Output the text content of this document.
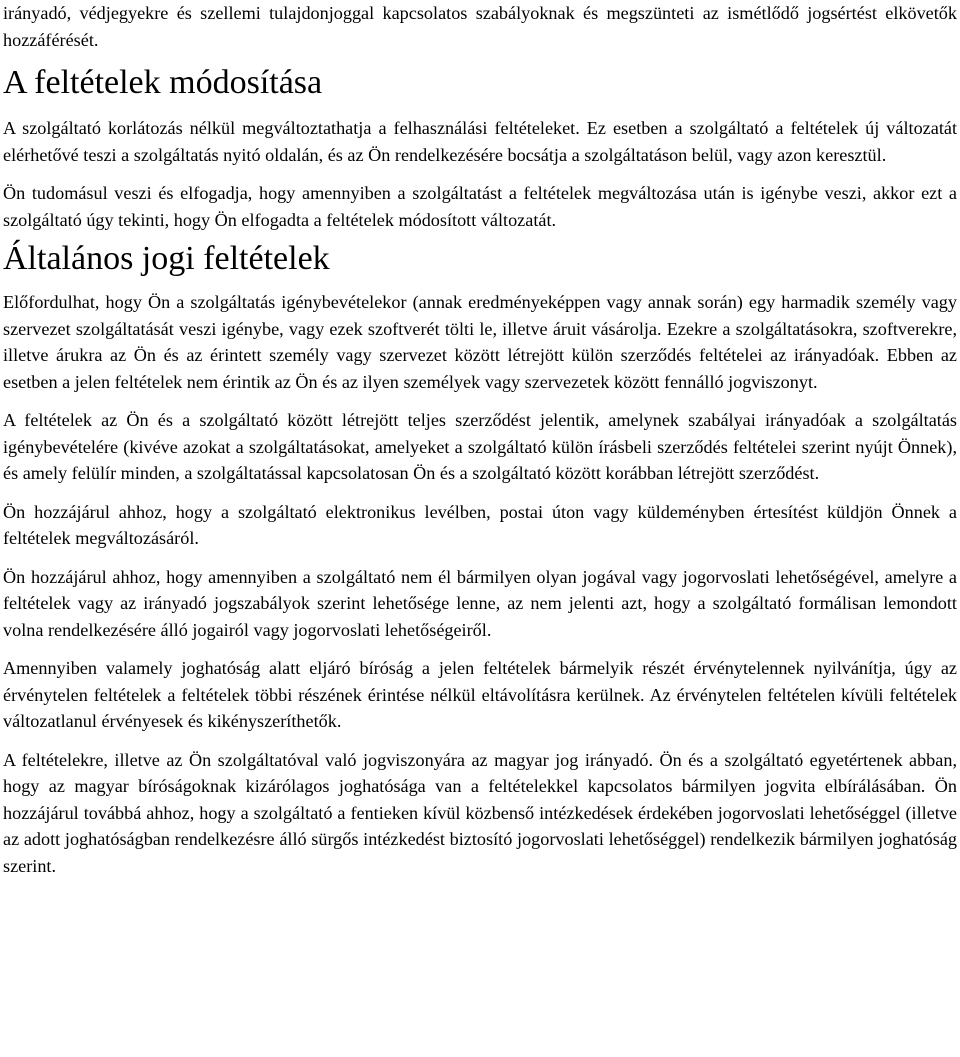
irányadó, védjegyekre és szellemi tulajdonjoggal kapcsolatos szabályoknak és megszünteti az ismétlődő jogsértést elkövetők hozzáférését.

A feltételek módosítása

A szolgáltató korlátozás nélkül megváltoztathatja a felhasználási feltételeket. Ez esetben a szolgáltató a feltételek új változatát elérhetővé teszi a szolgáltatás nyitó oldalán, és az Ön rendelkezésére bocsátja a szolgáltatáson belül, vagy azon keresztül.

Ön tudomásul veszi és elfogadja, hogy amennyiben a szolgáltatást a feltételek megváltozása után is igénybe veszi, akkor ezt a szolgáltató úgy tekinti, hogy Ön elfogadta a feltételek módosított változatát.

Általános jogi feltételek

Előfordulhat, hogy Ön a szolgáltatás igénybevételekor (annak eredményeképpen vagy annak során) egy harmadik személy vagy szervezet szolgáltatását veszi igénybe, vagy ezek szoftverét tölti le, illetve áruit vásárolja. Ezekre a szolgáltatásokra, szoftverekre, illetve árukra az Ön és az érintett személy vagy szervezet között létrejött külön szerződés feltételei az irányadóak. Ebben az esetben a jelen feltételek nem érintik az Ön és az ilyen személyek vagy szervezetek között fennálló jogviszonyt.

A feltételek az Ön és a szolgáltató között létrejött teljes szerződést jelentik, amelynek szabályai irányadóak a szolgáltatás igénybevételére (kivéve azokat a szolgáltatásokat, amelyeket a szolgáltató külön írásbeli szerződés feltételei szerint nyújt Önnek), és amely felülír minden, a szolgáltatással kapcsolatosan Ön és a szolgáltató között korábban létrejött szerződést.

Ön hozzájárul ahhoz, hogy a szolgáltató elektronikus levélben, postai úton vagy küldeményben értesítést küldjön Önnek a feltételek megváltozásáról.

Ön hozzájárul ahhoz, hogy amennyiben a szolgáltató nem él bármilyen olyan jogával vagy jogorvoslati lehetőségével, amelyre a feltételek vagy az irányadó jogszabályok szerint lehetősége lenne, az nem jelenti azt, hogy a szolgáltató formálisan lemondott volna rendelkezésére álló jogairól vagy jogorvoslati lehetőségeiről.

Amennyiben valamely joghatóság alatt eljáró bíróság a jelen feltételek bármelyik részét érvénytelennek nyilvánítja, úgy az érvénytelen feltételek a feltételek többi részének érintése nélkül eltávolításra kerülnek. Az érvénytelen feltételen kívüli feltételek változatlanul érvényesek és kikényszeríthetők.

A feltételekre, illetve az Ön szolgáltatóval való jogviszonyára az magyar jog irányadó. Ön és a szolgáltató egyetértenek abban, hogy az magyar bíróságoknak kizárólagos joghatósága van a feltételekkel kapcsolatos bármilyen jogvita elbírálásában. Ön hozzájárul továbbá ahhoz, hogy a szolgáltató a fentieken kívül közbenső intézkedések érdekében jogorvoslati lehetőséggel (illetve az adott joghatóságban rendelkezésre álló sürgős intézkedést biztosító jogorvoslati lehetőséggel) rendelkezik bármilyen joghatóság szerint.
